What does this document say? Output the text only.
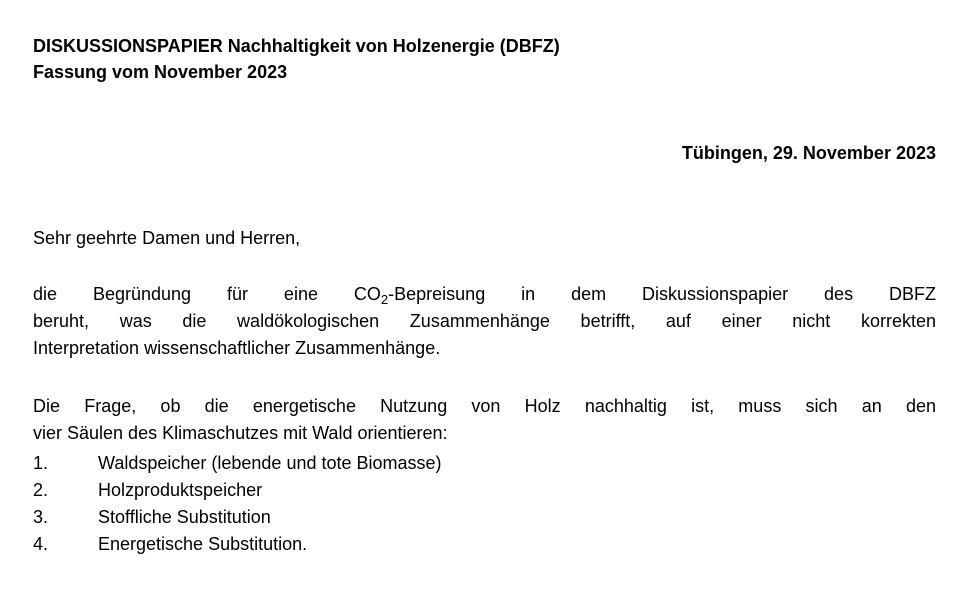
DISKUSSIONSPAPIER Nachhaltigkeit von Holzenergie (DBFZ)
Fassung vom November 2023
Tübingen, 29. November 2023
Sehr geehrte Damen und Herren,
die Begründung für eine $CO_2$-Bepreisung in dem Diskussionspapier des DBFZ
beruht, was die waldökologischen Zusammenhänge betrifft, auf einer nicht korrekten
Interpretation wissenschaftlicher Zusammenhänge.
Die Frage, ob die energetische Nutzung von Holz nachhaltig ist, muss sich an den
vier Säulen des Klimaschutzes mit Wald orientieren:
1.	Waldspeicher (lebende und tote Biomasse)
2.	Holzproduktspeicher
3.	Stoffliche Substitution
4.	Energetische Substitution.
